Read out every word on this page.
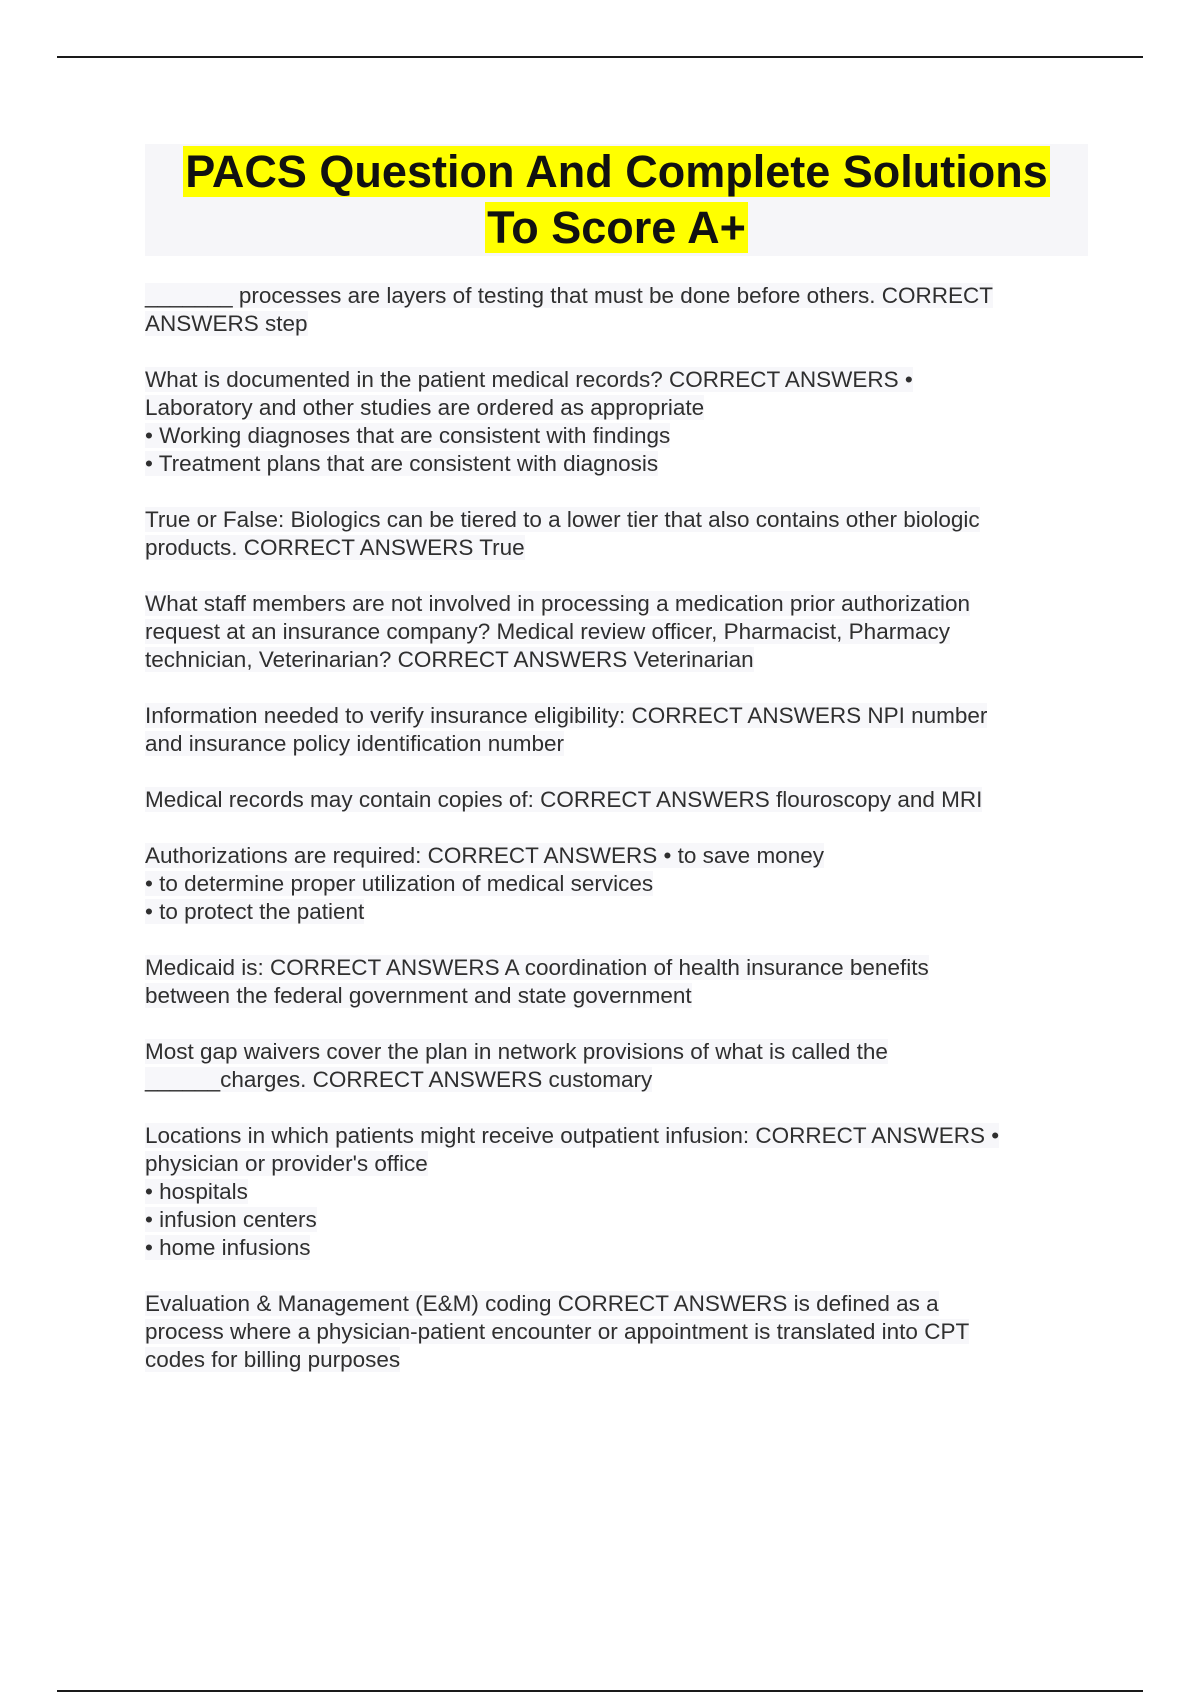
PACS Question And Complete Solutions
To Score A+
_______ processes are layers of testing that must be done before others. CORRECT
ANSWERS step
What is documented in the patient medical records? CORRECT ANSWERS •
Laboratory and other studies are ordered as appropriate
• Working diagnoses that are consistent with findings
• Treatment plans that are consistent with diagnosis
True or False: Biologics can be tiered to a lower tier that also contains other biologic
products. CORRECT ANSWERS True
What staff members are not involved in processing a medication prior authorization
request at an insurance company? Medical review officer, Pharmacist, Pharmacy
technician, Veterinarian? CORRECT ANSWERS Veterinarian
Information needed to verify insurance eligibility: CORRECT ANSWERS NPI number
and insurance policy identification number
Medical records may contain copies of: CORRECT ANSWERS flouroscopy and MRI
Authorizations are required: CORRECT ANSWERS • to save money
• to determine proper utilization of medical services
• to protect the patient
Medicaid is: CORRECT ANSWERS A coordination of health insurance benefits
between the federal government and state government
Most gap waivers cover the plan in network provisions of what is called the
______charges. CORRECT ANSWERS customary
Locations in which patients might receive outpatient infusion: CORRECT ANSWERS •
physician or provider's office
• hospitals
• infusion centers
• home infusions
Evaluation & Management (E&M) coding CORRECT ANSWERS is defined as a
process where a physician-patient encounter or appointment is translated into CPT
codes for billing purposes
